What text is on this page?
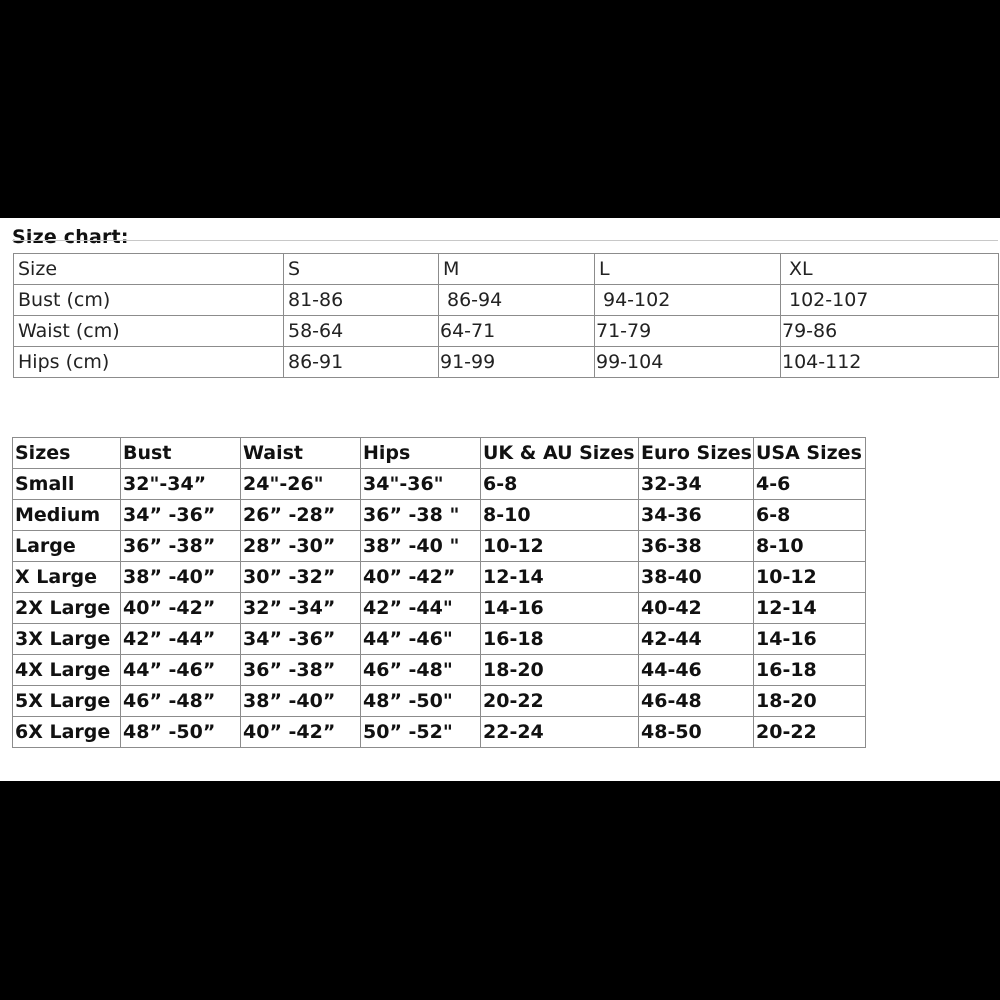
Size chart:
Size	S	M	L	XL
Bust (cm)	81-86	86-94	94-102	102-107
Waist (cm)	58-64	64-71	71-79	79-86
Hips (cm)	86-91	91-99	99-104	104-112
Sizes	Bust	Waist	Hips	UK & AU Sizes	Euro Sizes	USA Sizes
Small	32"-34”	24"-26"	34"-36"	6-8	32-34	4-6
Medium	34” -36”	26” -28”	36” -38 "	8-10	34-36	6-8
Large	36” -38”	28” -30”	38” -40 "	10-12	36-38	8-10
X Large	38” -40”	30” -32”	40” -42”	12-14	38-40	10-12
2X Large	40” -42”	32” -34”	42” -44"	14-16	40-42	12-14
3X Large	42” -44”	34” -36”	44” -46"	16-18	42-44	14-16
4X Large	44” -46”	36” -38”	46” -48"	18-20	44-46	16-18
5X Large	46” -48”	38” -40”	48” -50"	20-22	46-48	18-20
6X Large	48” -50”	40” -42”	50” -52"	22-24	48-50	20-22
